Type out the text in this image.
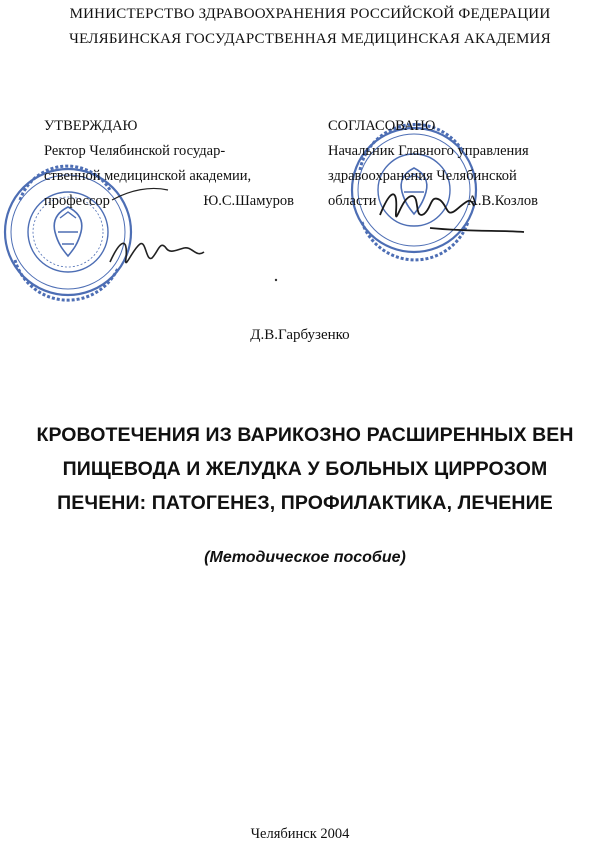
МИНИСТЕРСТВО ЗДРАВООХРАНЕНИЯ РОССИЙСКОЙ ФЕДЕРАЦИИ
ЧЕЛЯБИНСКАЯ ГОСУДАРСТВЕННАЯ МЕДИЦИНСКАЯ АКАДЕМИЯ
УТВЕРЖДАЮ
Ректор Челябинской государ-
ственной медицинской академии,
профессор	Ю.С.Шамуров
СОГЛАСОВАНО
Начальник Главного управления
здравоохранения Челябинской
области	А.В.Козлов
Д.В.Гарбузенко
КРОВОТЕЧЕНИЯ ИЗ ВАРИКОЗНО РАСШИРЕННЫХ ВЕН
ПИЩЕВОДА И ЖЕЛУДКА У БОЛЬНЫХ ЦИРРОЗОМ
ПЕЧЕНИ: ПАТОГЕНЕЗ, ПРОФИЛАКТИКА, ЛЕЧЕНИЕ
(Методическое пособие)
Челябинск 2004
